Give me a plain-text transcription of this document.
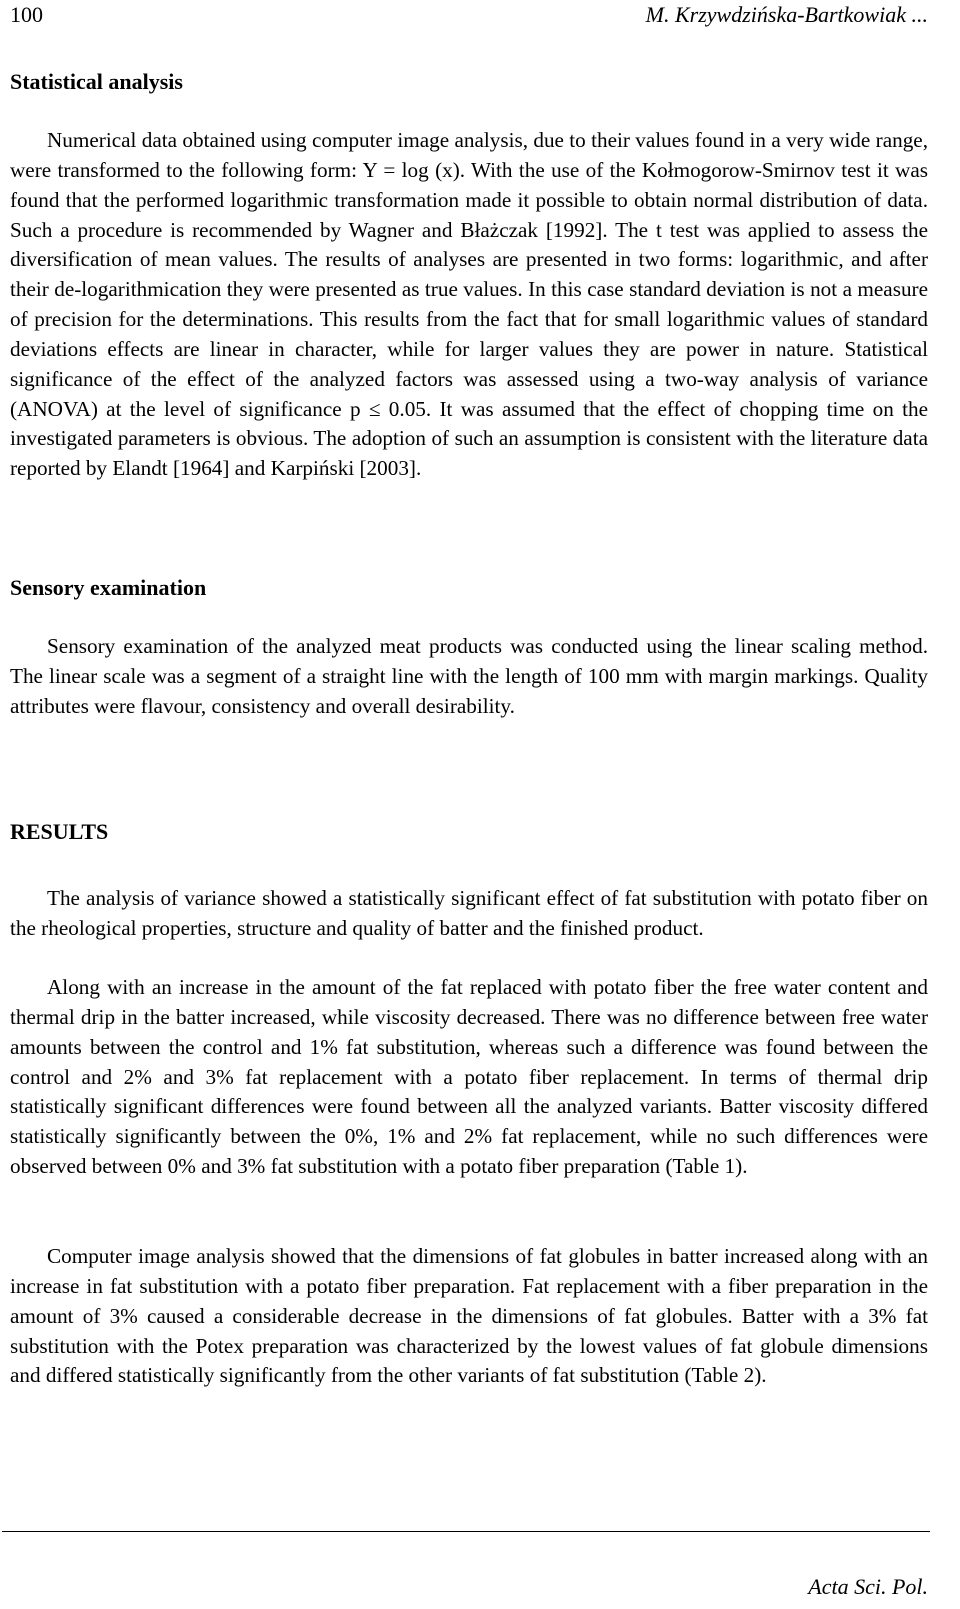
100	M. Krzywdzińska-Bartkowiak ...
Statistical analysis

Numerical data obtained using computer image analysis, due to their values found in a very wide range, were transformed to the following form: Y = log (x). With the use of the Kołmogorow-Smirnov test it was found that the performed logarithmic transformation made it possible to obtain normal distribution of data. Such a procedure is recommended by Wagner and Błażczak [1992]. The t test was applied to assess the diversification of mean values. The results of analyses are presented in two forms: logarithmic, and after their de-logarithmication they were presented as true values. In this case standard deviation is not a measure of precision for the determinations. This results from the fact that for small logarithmic values of standard deviations effects are linear in character, while for larger values they are power in nature. Statistical significance of the effect of the analyzed factors was assessed using a two-way analysis of variance (ANOVA) at the level of significance p ≤ 0.05. It was assumed that the effect of chopping time on the investigated parameters is obvious. The adoption of such an assumption is consistent with the literature data reported by Elandt [1964] and Karpiński [2003].

Sensory examination

Sensory examination of the analyzed meat products was conducted using the linear scaling method. The linear scale was a segment of a straight line with the length of 100 mm with margin markings. Quality attributes were flavour, consistency and overall desirability.

RESULTS

The analysis of variance showed a statistically significant effect of fat substitution with potato fiber on the rheological properties, structure and quality of batter and the finished product.

Along with an increase in the amount of the fat replaced with potato fiber the free water content and thermal drip in the batter increased, while viscosity decreased. There was no difference between free water amounts between the control and 1% fat substitution, whereas such a difference was found between the control and 2% and 3% fat replacement with a potato fiber replacement. In terms of thermal drip statistically significant differences were found between all the analyzed variants. Batter viscosity differed statistically significantly between the 0%, 1% and 2% fat replacement, while no such differences were observed between 0% and 3% fat substitution with a potato fiber preparation (Table 1).

Computer image analysis showed that the dimensions of fat globules in batter increased along with an increase in fat substitution with a potato fiber preparation. Fat replacement with a fiber preparation in the amount of 3% caused a considerable decrease in the dimensions of fat globules. Batter with a 3% fat substitution with the Potex preparation was characterized by the lowest values of fat globule dimensions and differed statistically significantly from the other variants of fat substitution (Table 2).

Acta Sci. Pol.
